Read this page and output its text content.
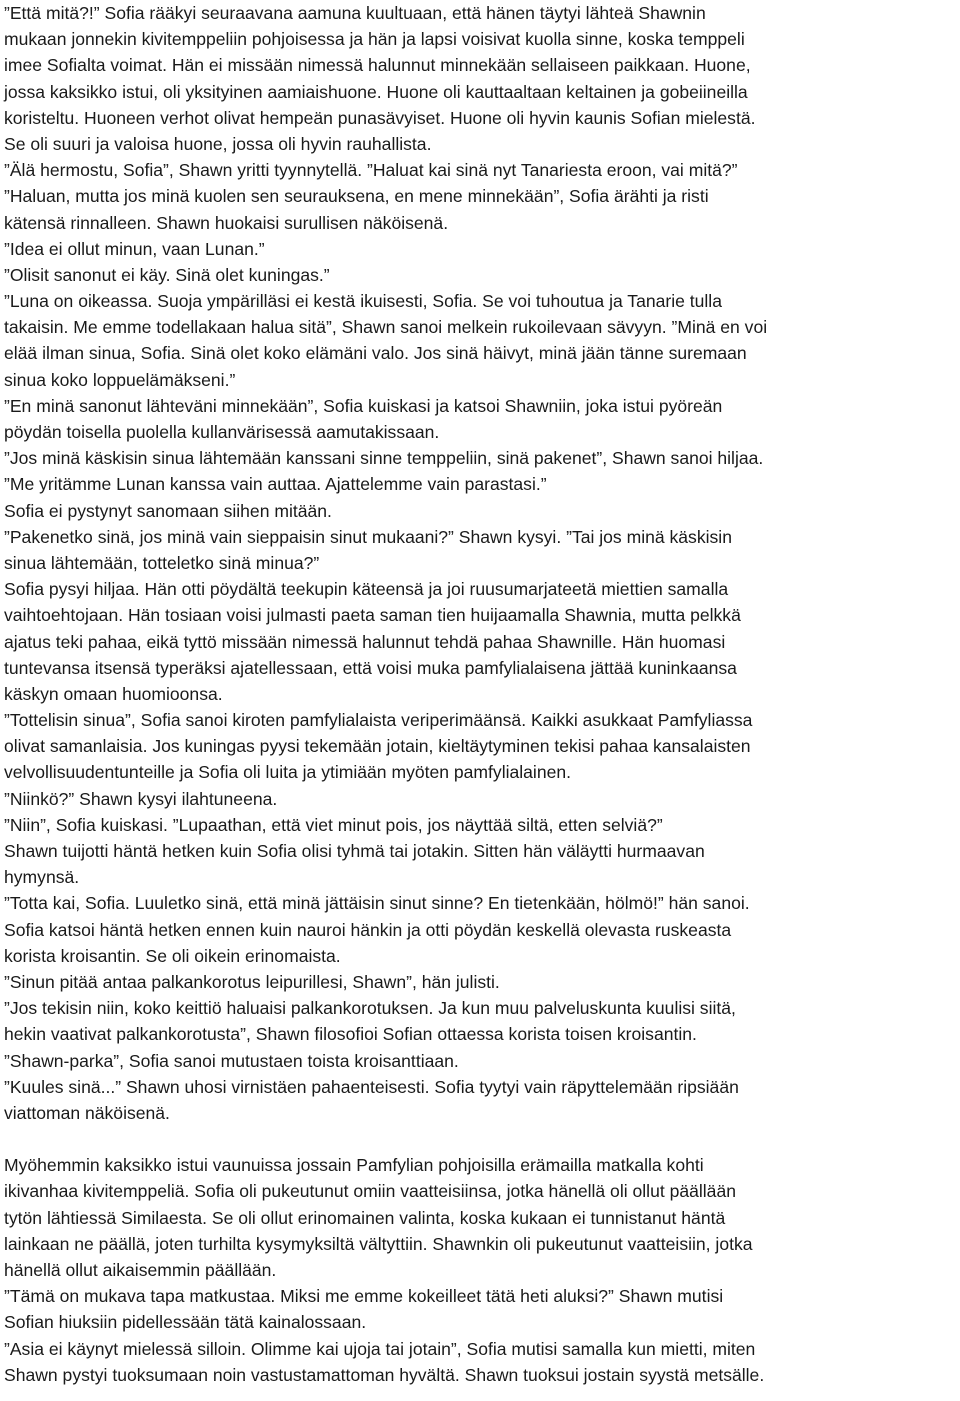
”Että mitä?!” Sofia rääkyi seuraavana aamuna kuultuaan, että hänen täytyi lähteä Shawnin
mukaan jonnekin kivitemppeliin pohjoisessa ja hän ja lapsi voisivat kuolla sinne, koska temppeli
imee Sofialta voimat. Hän ei missään nimessä halunnut minnekään sellaiseen paikkaan. Huone,
jossa kaksikko istui, oli yksityinen aamiaishuone. Huone oli kauttaaltaan keltainen ja gobeiineilla
koristeltu. Huoneen verhot olivat hempeän punasävyiset. Huone oli hyvin kaunis Sofian mielestä.
Se oli suuri ja valoisa huone, jossa oli hyvin rauhallista.
”Älä hermostu, Sofia”, Shawn yritti tyynnytellä. ”Haluat kai sinä nyt Tanariesta eroon, vai mitä?”
”Haluan, mutta jos minä kuolen sen seurauksena, en mene minnekään”, Sofia ärähti ja risti
kätensä rinnalleen. Shawn huokaisi surullisen näköisenä.
”Idea ei ollut minun, vaan Lunan.”
”Olisit sanonut ei käy. Sinä olet kuningas.”
”Luna on oikeassa. Suoja ympärilläsi ei kestä ikuisesti, Sofia. Se voi tuhoutua ja Tanarie tulla
takaisin. Me emme todellakaan halua sitä”, Shawn sanoi melkein rukoilevaan sävyyn. ”Minä en voi
elää ilman sinua, Sofia. Sinä olet koko elämäni valo. Jos sinä häivyt, minä jään tänne suremaan
sinua koko loppuelämäkseni.”
”En minä sanonut lähteväni minnekään”, Sofia kuiskasi ja katsoi Shawniin, joka istui pyöreän
pöydän toisella puolella kullanvärisessä aamutakissaan.
”Jos minä käskisin sinua lähtemään kanssani sinne temppeliin, sinä pakenet”, Shawn sanoi hiljaa.
”Me yritämme Lunan kanssa vain auttaa. Ajattelemme vain parastasi.”
Sofia ei pystynyt sanomaan siihen mitään.
”Pakenetko sinä, jos minä vain sieppaisin sinut mukaani?” Shawn kysyi. ”Tai jos minä käskisin
sinua lähtemään, totteletko sinä minua?”
Sofia pysyi hiljaa. Hän otti pöydältä teekupin käteensä ja joi ruusumarjateetä miettien samalla
vaihtoehtojaan. Hän tosiaan voisi julmasti paeta saman tien huijaamalla Shawnia, mutta pelkkä
ajatus teki pahaa, eikä tyttö missään nimessä halunnut tehdä pahaa Shawnille. Hän huomasi
tuntevansa itsensä typeräksi ajatellessaan, että voisi muka pamfylialaisena jättää kuninkaansa
käskyn omaan huomioonsa.
”Tottelisin sinua”, Sofia sanoi kiroten pamfylialaista veriperimäänsä. Kaikki asukkaat Pamfyliassa
olivat samanlaisia. Jos kuningas pyysi tekemään jotain, kieltäytyminen tekisi pahaa kansalaisten
velvollisuudentunteille ja Sofia oli luita ja ytimiään myöten pamfylialainen.
”Niinkö?” Shawn kysyi ilahtuneena.
”Niin”, Sofia kuiskasi. ”Lupaathan, että viet minut pois, jos näyttää siltä, etten selviä?”
Shawn tuijotti häntä hetken kuin Sofia olisi tyhmä tai jotakin. Sitten hän väläytti hurmaavan
hymynsä.
”Totta kai, Sofia. Luuletko sinä, että minä jättäisin sinut sinne? En tietenkään, hölmö!” hän sanoi.
Sofia katsoi häntä hetken ennen kuin nauroi hänkin ja otti pöydän keskellä olevasta ruskeasta
korista kroisantin. Se oli oikein erinomaista.
”Sinun pitää antaa palkankorotus leipurillesi, Shawn”, hän julisti.
”Jos tekisin niin, koko keittiö haluaisi palkankorotuksen. Ja kun muu palveluskunta kuulisi siitä,
hekin vaativat palkankorotusta”, Shawn filosofioi Sofian ottaessa korista toisen kroisantin.
”Shawn-parka”, Sofia sanoi mutustaen toista kroisanttiaan.
”Kuules sinä...” Shawn uhosi virnistäen pahaenteisesti. Sofia tyytyi vain räpyttelemään ripsiään
viattoman näköisenä.
Myöhemmin kaksikko istui vaunuissa jossain Pamfylian pohjoisilla erämailla matkalla kohti
ikivanhaa kivitemppeliä. Sofia oli pukeutunut omiin vaatteisiinsa, jotka hänellä oli ollut päällään
tytön lähtiessä Similaesta. Se oli ollut erinomainen valinta, koska kukaan ei tunnistanut häntä
lainkaan ne päällä, joten turhilta kysymyksiltä vältyttiin. Shawnkin oli pukeutunut vaatteisiin, jotka
hänellä ollut aikaisemmin päällään.
”Tämä on mukava tapa matkustaa. Miksi me emme kokeilleet tätä heti aluksi?” Shawn mutisi
Sofian hiuksiin pidellessään tätä kainalossaan.
”Asia ei käynyt mielessä silloin. Olimme kai ujoja tai jotain”, Sofia mutisi samalla kun mietti, miten
Shawn pystyi tuoksumaan noin vastustamattoman hyvältä. Shawn tuoksui jostain syystä metsälle.
